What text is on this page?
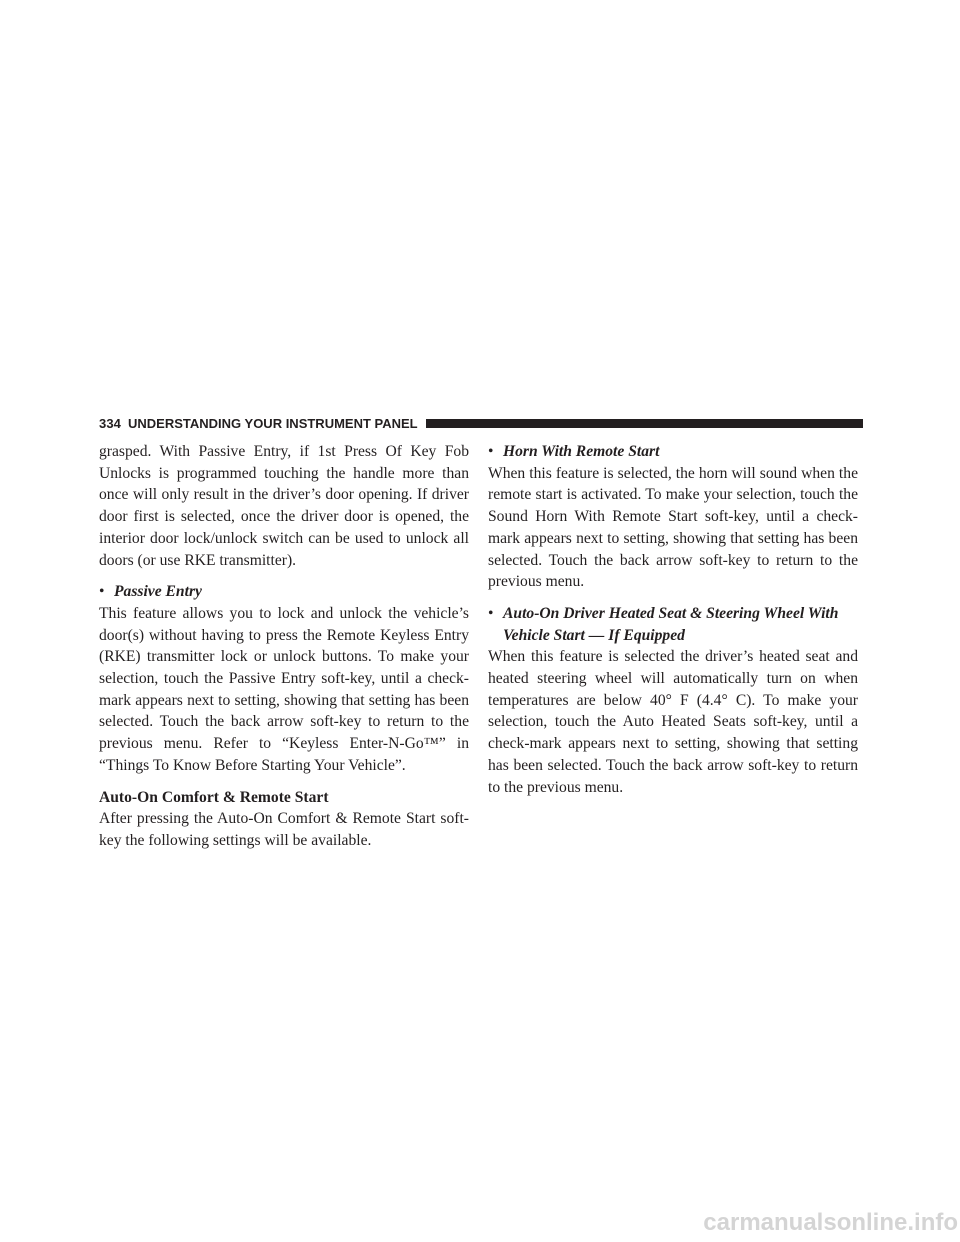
334 UNDERSTANDING YOUR INSTRUMENT PANEL

grasped. With Passive Entry, if 1st Press Of Key Fob Unlocks is programmed touching the handle more than once will only result in the driver’s door opening. If driver door first is selected, once the driver door is opened, the interior door lock/unlock switch can be used to unlock all doors (or use RKE transmitter).

• Passive Entry

This feature allows you to lock and unlock the vehicle’s door(s) without having to press the Remote Keyless Entry (RKE) transmitter lock or unlock buttons. To make your selection, touch the Passive Entry soft-key, until a check-mark appears next to setting, showing that setting has been selected. Touch the back arrow soft-key to return to the previous menu. Refer to “Keyless Enter-N-Go™” in “Things To Know Before Starting Your Vehicle”.

Auto-On Comfort & Remote Start

After pressing the Auto-On Comfort & Remote Start soft-key the following settings will be available.

• Horn With Remote Start

When this feature is selected, the horn will sound when the remote start is activated. To make your selection, touch the Sound Horn With Remote Start soft-key, until a check-mark appears next to setting, showing that setting has been selected. Touch the back arrow soft-key to return to the previous menu.

• Auto-On Driver Heated Seat & Steering Wheel With Vehicle Start — If Equipped

When this feature is selected the driver’s heated seat and heated steering wheel will automatically turn on when temperatures are below 40° F (4.4° C). To make your selection, touch the Auto Heated Seats soft-key, until a check-mark appears next to setting, showing that setting has been selected. Touch the back arrow soft-key to return to the previous menu.

carmanualsonline.info
